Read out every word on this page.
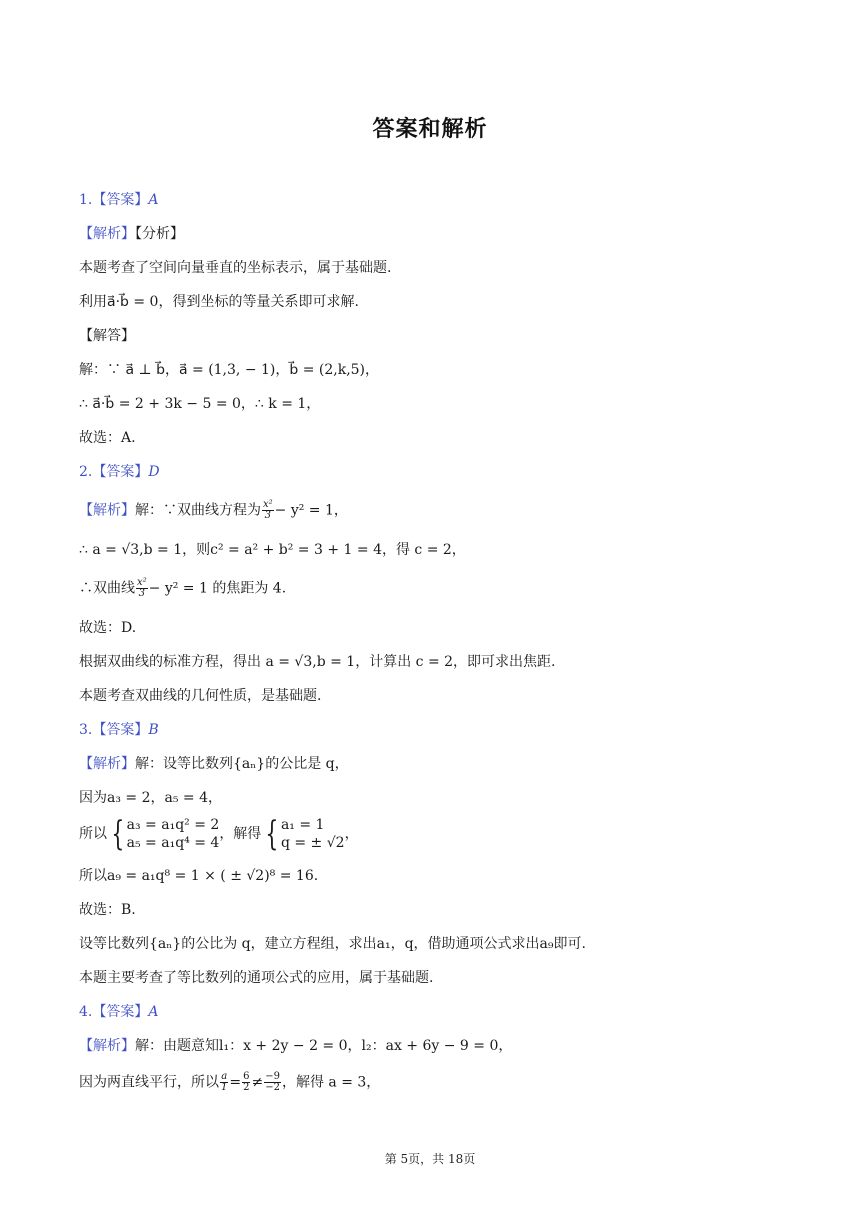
答案和解析
1.【答案】A
【解析】【分析】
本题考查了空间向量垂直的坐标表示，属于基础题.
利用a⃗·b⃗ = 0，得到坐标的等量关系即可求解.
【解答】
解：∵ a⃗ ⊥ b⃗，a⃗ = (1,3, − 1)，b⃗ = (2,k,5)，
∴ a⃗·b⃗ = 2 + 3k − 5 = 0，∴ k = 1，
故选：A.
2.【答案】D
【解析】解：∵双曲线方程为 $\frac{\text{x²}}{3} - y^2 = 1$，
∴ a = √3,b = 1，则c² = a² + b² = 3 + 1 = 4，得 c = 2，
∴双曲线 $\frac{\text{x²}}{3} - y^2 = 1$ 的焦距为 4.
故选：D.
根据双曲线的标准方程，得出 a = √3,b = 1，计算出 c = 2，即可求出焦距.
本题考查双曲线的几何性质，是基础题.
3.【答案】B
【解析】解：设等比数列{aₙ}的公比是 q，
因为a₃ = 2，a₅ = 4，
所以 { a₃ = a₁q² = 2
a₅ = a₁q⁴ = 4
，解得 { a₁ = 1
q = ± √2
，
所以a₉ = a₁q⁸ = 1 × ( ± √2)⁸ = 16.
故选：B.
设等比数列{aₙ}的公比为 q，建立方程组，求出a₁，q，借助通项公式求出a₉即可.
本题主要考查了等比数列的通项公式的应用，属于基础题.
4.【答案】A
【解析】解：由题意知l₁：x + 2y − 2 = 0，l₂：ax + 6y − 9 = 0，
因为两直线平行，所以 $\frac{a}{1} = \frac{6}{2} \ne \frac{-9}{-2}$ ，解得 a = 3，
第 5页，共 18页
